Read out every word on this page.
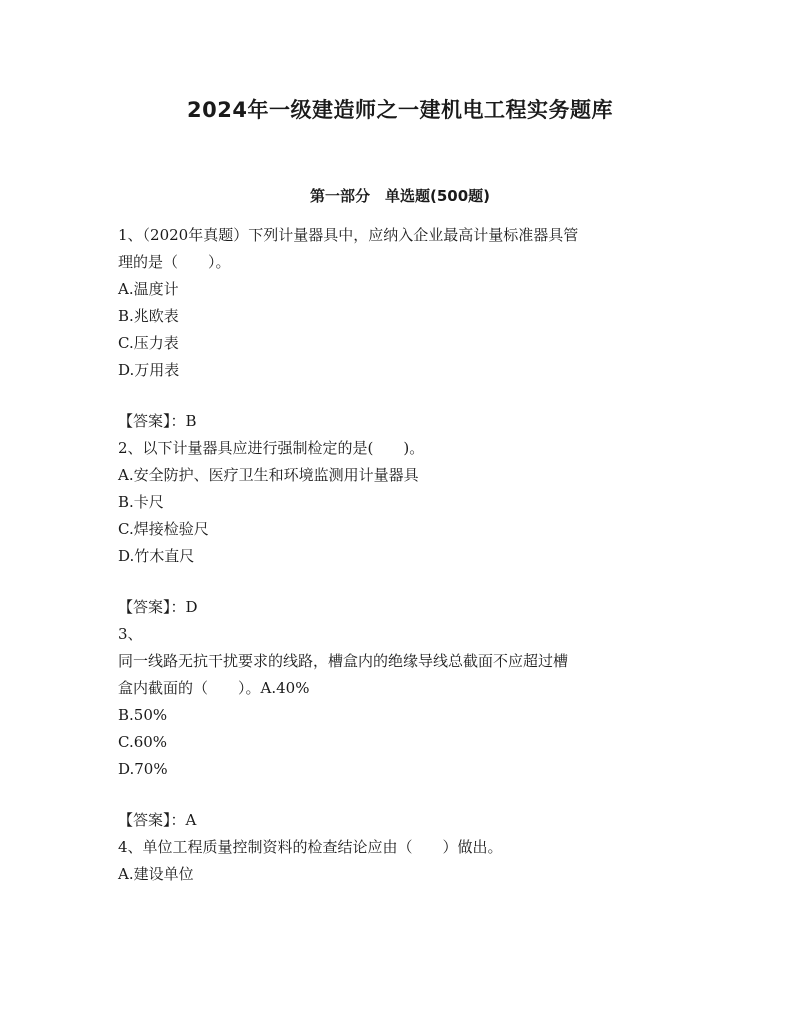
2024年一级建造师之一建机电工程实务题库
第一部分　单选题(500题)
1、（2020年真题）下列计量器具中，应纳入企业最高计量标准器具管
理的是（　　）。
A.温度计
B.兆欧表
C.压力表
D.万用表
【答案】：B
2、以下计量器具应进行强制检定的是(　　)。
A.安全防护、医疗卫生和环境监测用计量器具
B.卡尺
C.焊接检验尺
D.竹木直尺
【答案】：D
3、
同一线路无抗干扰要求的线路，槽盒内的绝缘导线总截面不应超过槽
盒内截面的（　　）。A.40%
B.50%
C.60%
D.70%
【答案】：A
4、单位工程质量控制资料的检查结论应由（　　）做出。
A.建设单位
